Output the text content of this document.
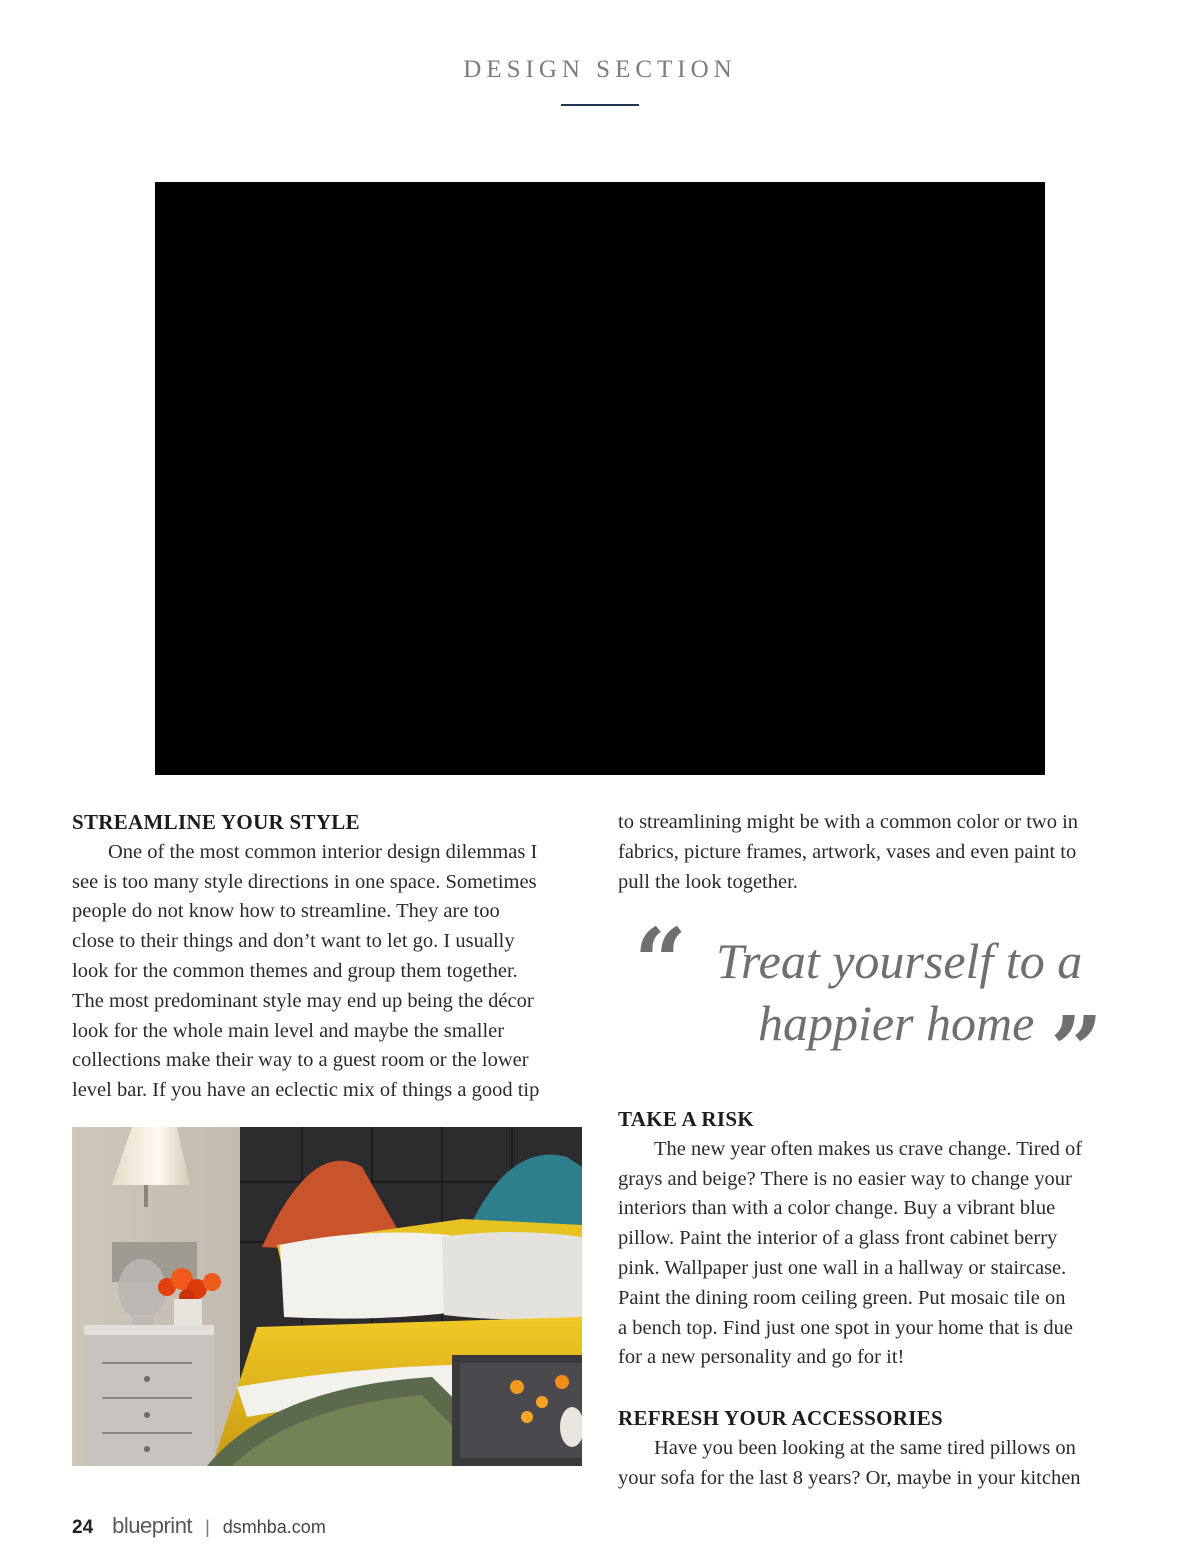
DESIGN SECTION

STREAMLINE YOUR STYLE

One of the most common interior design dilemmas I

see is too many style directions in one space. Sometimes

people do not know how to streamline. They are too

close to their things and don’t want to let go. I usually

look for the common themes and group them together.

The most predominant style may end up being the décor

look for the whole main level and maybe the smaller

collections make their way to a guest room or the lower

level bar. If you have an eclectic mix of things a good tip

to streamlining might be with a common color or two in

fabrics, picture frames, artwork, vases and even paint to

pull the look together.

“ Treat yourself to a
happier home ”

TAKE A RISK

The new year often makes us crave change. Tired of

grays and beige? There is no easier way to change your

interiors than with a color change. Buy a vibrant blue

pillow. Paint the interior of a glass front cabinet berry

pink. Wallpaper just one wall in a hallway or staircase.

Paint the dining room ceiling green. Put mosaic tile on

a bench top. Find just one spot in your home that is due

for a new personality and go for it!

REFRESH YOUR ACCESSORIES

Have you been looking at the same tired pillows on

your sofa for the last 8 years? Or, maybe in your kitchen

24 blueprint | dsmhba.com
